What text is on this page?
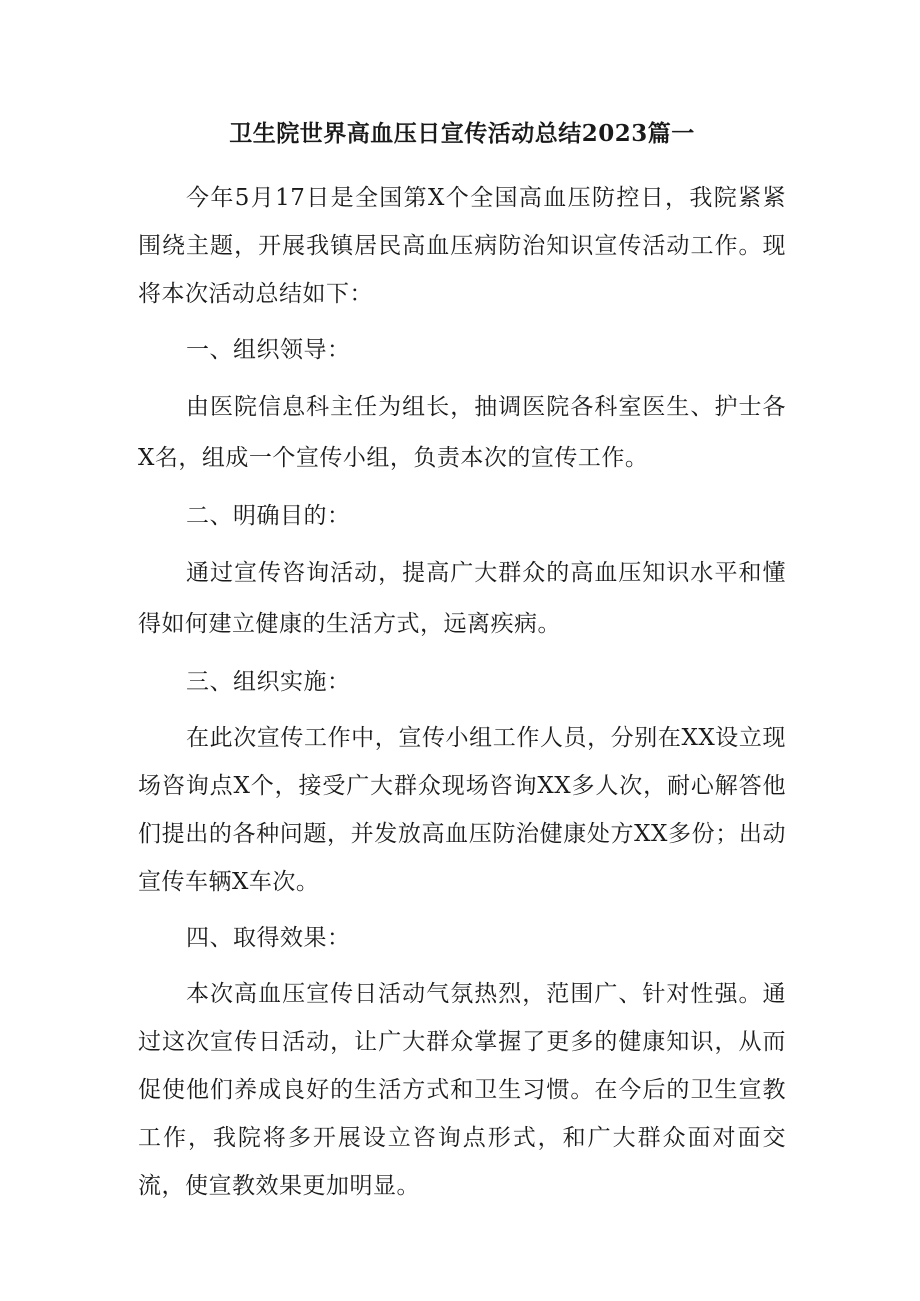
卫生院世界高血压日宣传活动总结2023篇一

今年5月17日是全国第X个全国高血压防控日，我院紧紧围绕主题，开展我镇居民高血压病防治知识宣传活动工作。现将本次活动总结如下：

一、组织领导：

由医院信息科主任为组长，抽调医院各科室医生、护士各X名，组成一个宣传小组，负责本次的宣传工作。

二、明确目的：

通过宣传咨询活动，提高广大群众的高血压知识水平和懂得如何建立健康的生活方式，远离疾病。

三、组织实施：

在此次宣传工作中，宣传小组工作人员，分别在XX设立现场咨询点X个，接受广大群众现场咨询XX多人次，耐心解答他们提出的各种问题，并发放高血压防治健康处方XX多份；出动宣传车辆X车次。

四、取得效果：

本次高血压宣传日活动气氛热烈，范围广、针对性强。通过这次宣传日活动，让广大群众掌握了更多的健康知识，从而促使他们养成良好的生活方式和卫生习惯。在今后的卫生宣教工作，我院将多开展设立咨询点形式，和广大群众面对面交流，使宣教效果更加明显。
